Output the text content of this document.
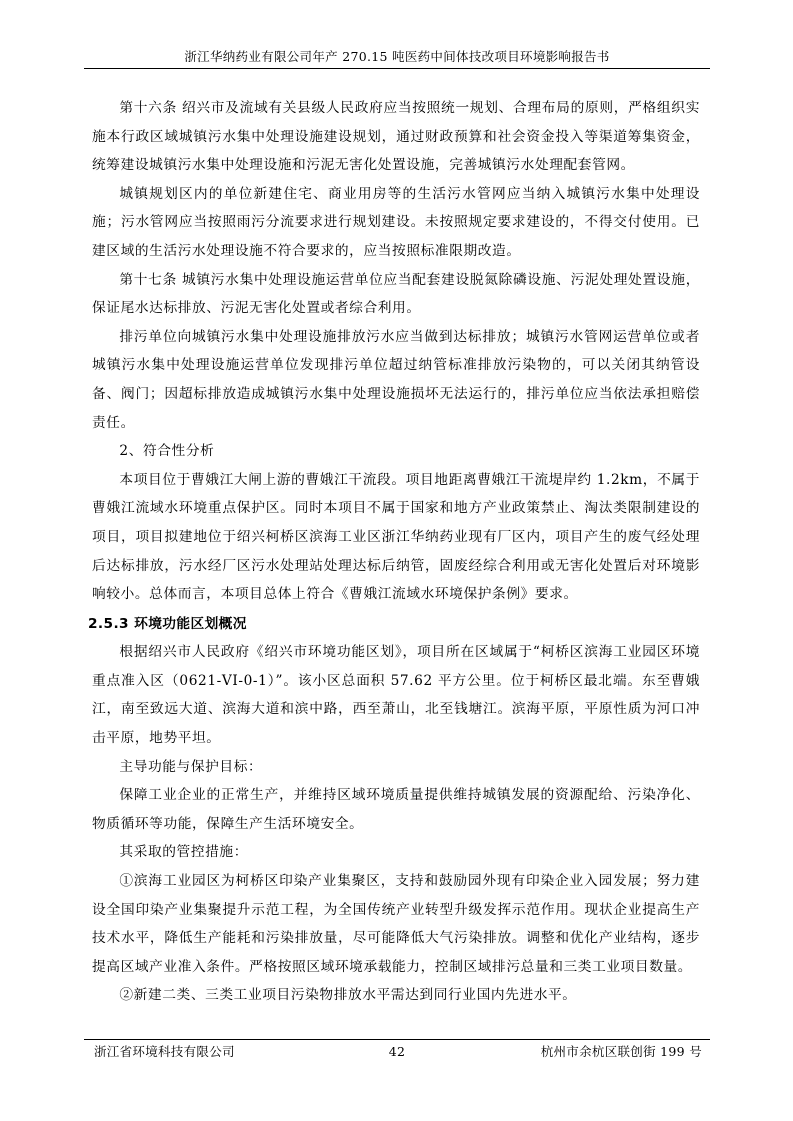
浙江华纳药业有限公司年产 270.15 吨医药中间体技改项目环境影响报告书

第十六条 绍兴市及流域有关县级人民政府应当按照统一规划、合理布局的原则，严格组织实施本行政区域城镇污水集中处理设施建设规划，通过财政预算和社会资金投入等渠道筹集资金，统筹建设城镇污水集中处理设施和污泥无害化处置设施，完善城镇污水处理配套管网。

城镇规划区内的单位新建住宅、商业用房等的生活污水管网应当纳入城镇污水集中处理设施；污水管网应当按照雨污分流要求进行规划建设。未按照规定要求建设的，不得交付使用。已建区域的生活污水处理设施不符合要求的，应当按照标准限期改造。

第十七条 城镇污水集中处理设施运营单位应当配套建设脱氮除磷设施、污泥处理处置设施，保证尾水达标排放、污泥无害化处置或者综合利用。

排污单位向城镇污水集中处理设施排放污水应当做到达标排放；城镇污水管网运营单位或者城镇污水集中处理设施运营单位发现排污单位超过纳管标准排放污染物的，可以关闭其纳管设备、阀门；因超标排放造成城镇污水集中处理设施损坏无法运行的，排污单位应当依法承担赔偿责任。

2、符合性分析

本项目位于曹娥江大闸上游的曹娥江干流段。项目地距离曹娥江干流堤岸约 1.2km，不属于曹娥江流域水环境重点保护区。同时本项目不属于国家和地方产业政策禁止、淘汰类限制建设的项目，项目拟建地位于绍兴柯桥区滨海工业区浙江华纳药业现有厂区内，项目产生的废气经处理后达标排放，污水经厂区污水处理站处理达标后纳管，固废经综合利用或无害化处置后对环境影响较小。总体而言，本项目总体上符合《曹娥江流域水环境保护条例》要求。

2.5.3 环境功能区划概况

根据绍兴市人民政府《绍兴市环境功能区划》，项目所在区域属于“柯桥区滨海工业园区环境重点准入区（0621-VI-0-1）”。该小区总面积 57.62 平方公里。位于柯桥区最北端。东至曹娥江，南至致远大道、滨海大道和滨中路，西至萧山，北至钱塘江。滨海平原，平原性质为河口冲击平原，地势平坦。

主导功能与保护目标：

保障工业企业的正常生产，并维持区域环境质量提供维持城镇发展的资源配给、污染净化、物质循环等功能，保障生产生活环境安全。

其采取的管控措施：

①滨海工业园区为柯桥区印染产业集聚区，支持和鼓励园外现有印染企业入园发展；努力建设全国印染产业集聚提升示范工程，为全国传统产业转型升级发挥示范作用。现状企业提高生产技术水平，降低生产能耗和污染排放量，尽可能降低大气污染排放。调整和优化产业结构，逐步提高区域产业准入条件。严格按照区域环境承载能力，控制区域排污总量和三类工业项目数量。

②新建二类、三类工业项目污染物排放水平需达到同行业国内先进水平。

浙江省环境科技有限公司	42	杭州市余杭区联创街 199 号
